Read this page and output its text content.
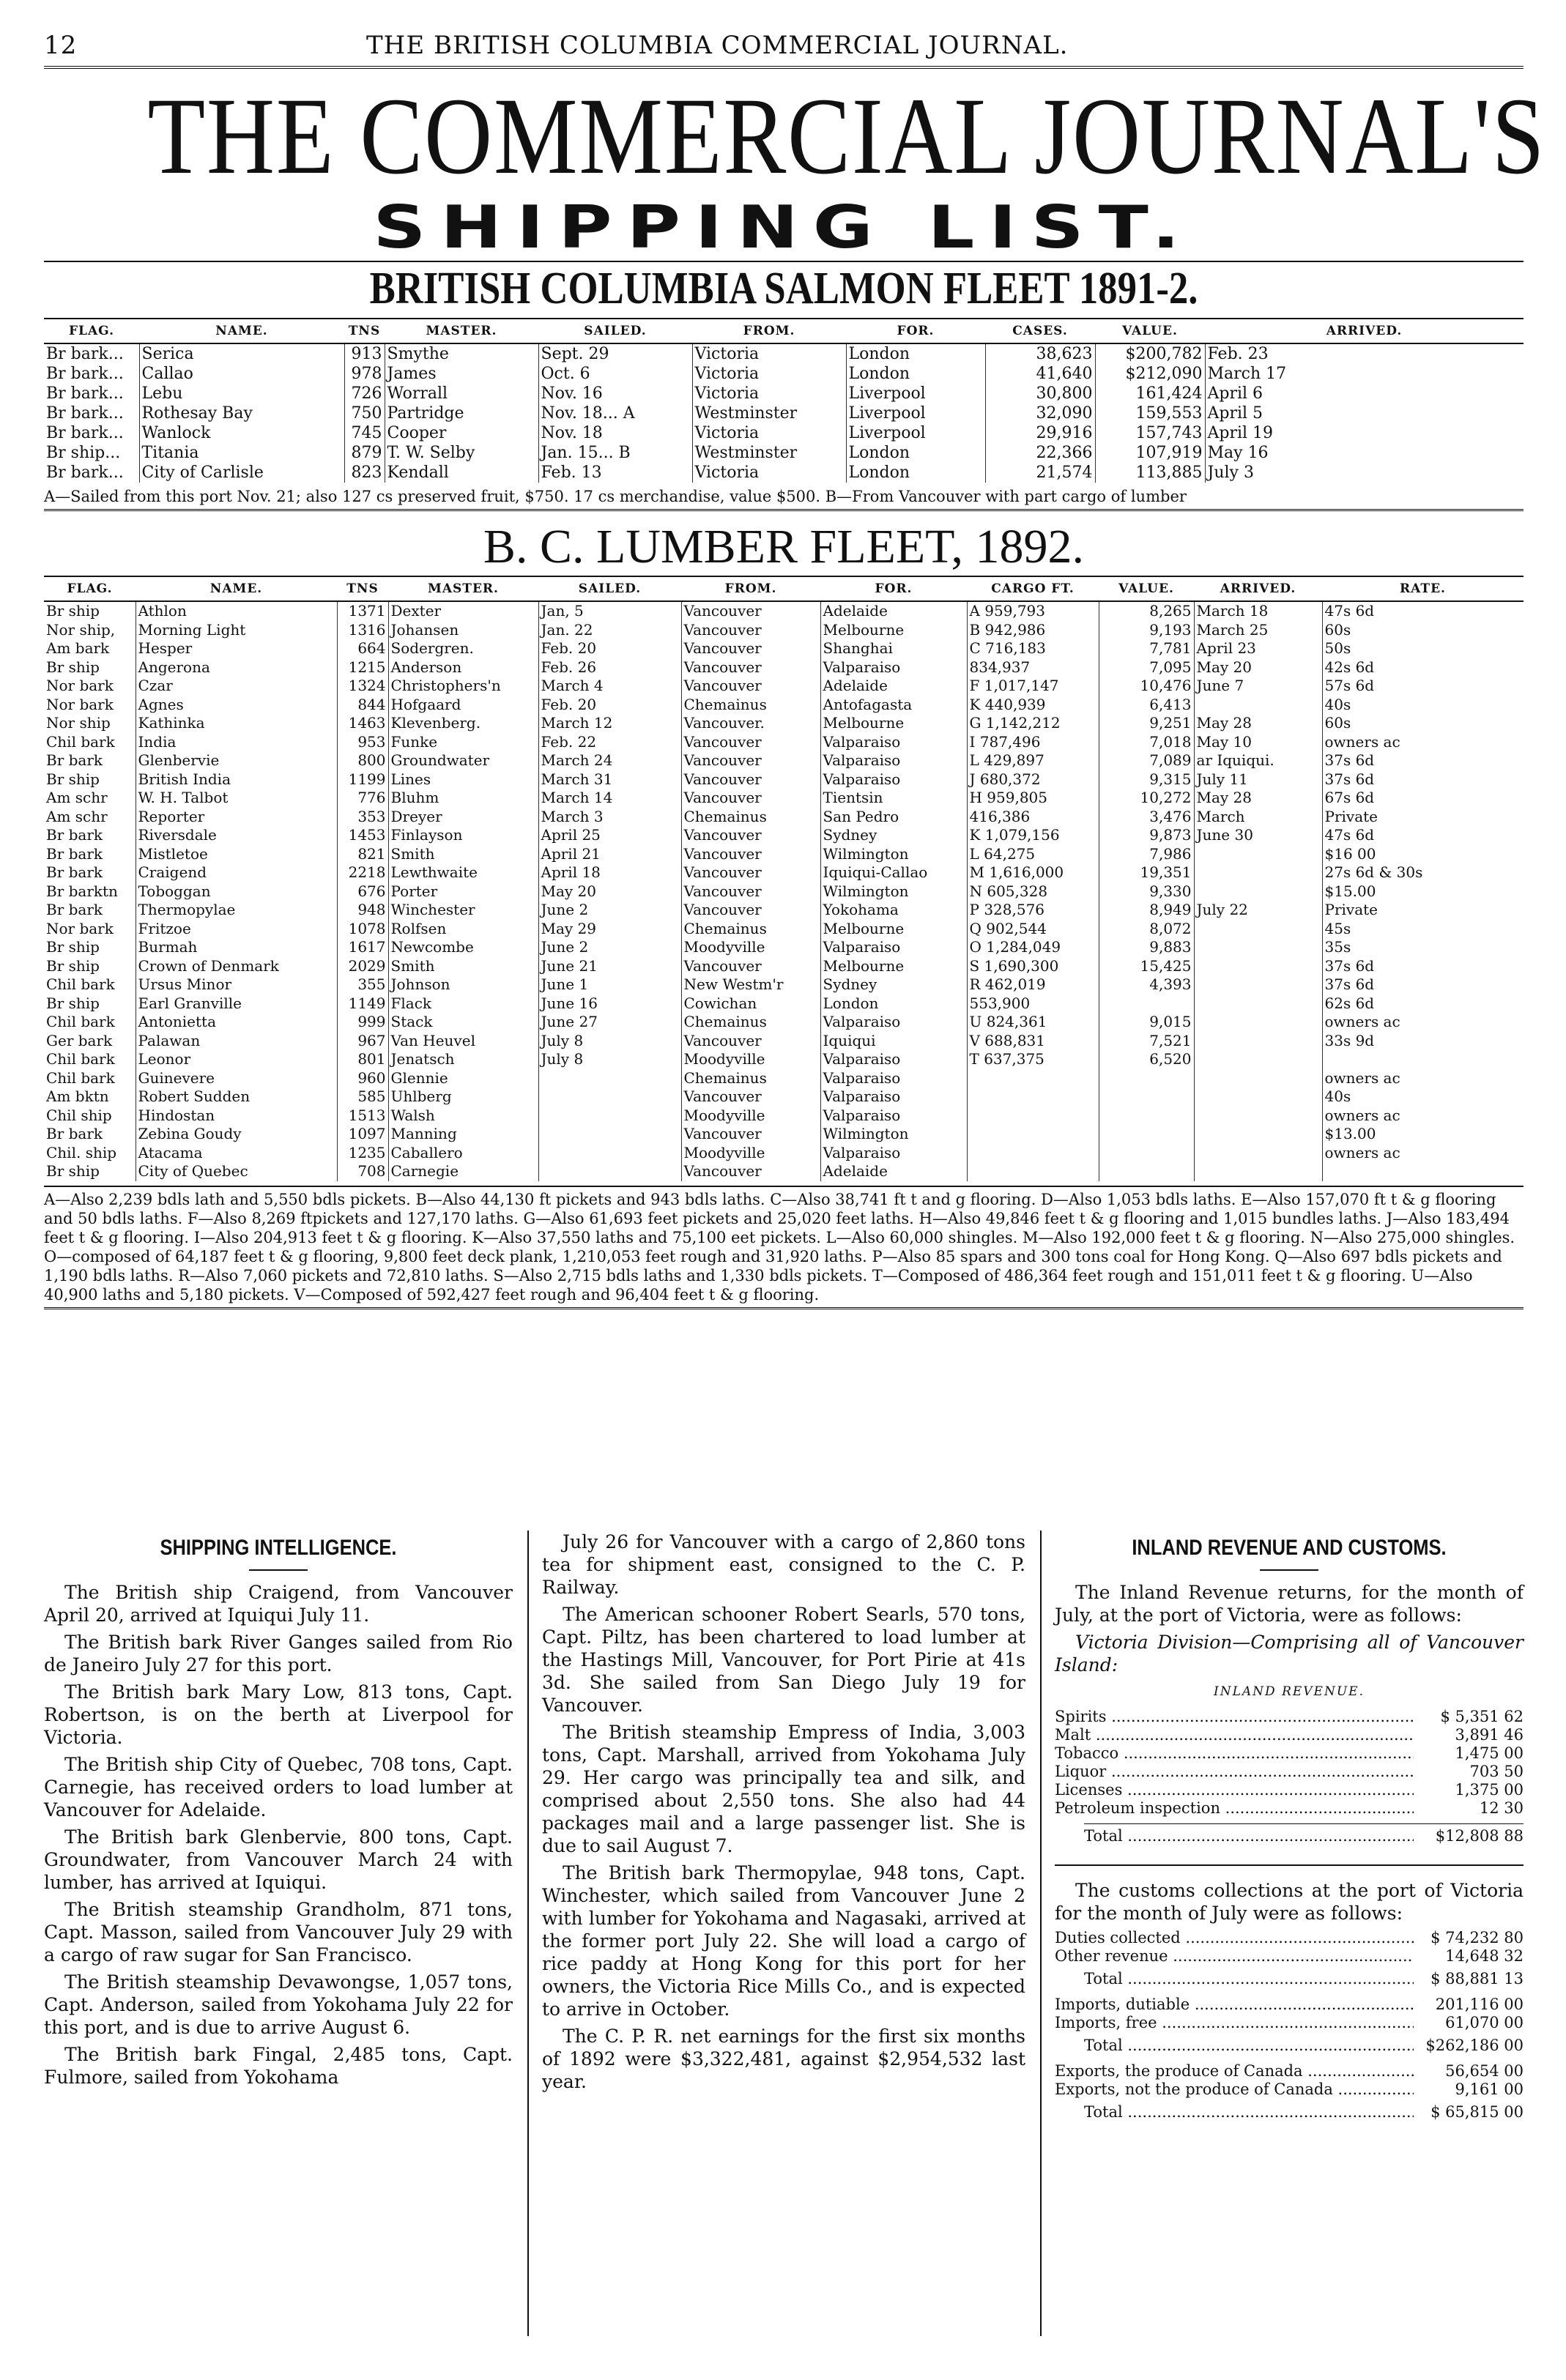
12	THE BRITISH COLUMBIA COMMERCIAL JOURNAL.
THE COMMERCIAL JOURNAL'S
SHIPPING LIST.
BRITISH COLUMBIA SALMON FLEET 1891-2.
FLAG.	NAME.	TNS	MASTER.	SAILED.	FROM.	FOR.	CASES.	VALUE.	ARRIVED.
Br bark...	Serica	913	Smythe	Sept. 29	Victoria	London	38,623	$200,782	Feb. 23
Br bark...	Callao	978	James	Oct. 6	Victoria	London	41,640	$212,090	March 17
Br bark...	Lebu	726	Worrall	Nov. 16	Victoria	Liverpool	30,800	161,424	April 6
Br bark...	Rothesay Bay	750	Partridge	Nov. 18... A	Westminster	Liverpool	32,090	159,553	April 5
Br bark...	Wanlock	745	Cooper	Nov. 18	Victoria	Liverpool	29,916	157,743	April 19
Br ship...	Titania	879	T. W. Selby	Jan. 15... B	Westminster	London	22,366	107,919	May 16
Br bark...	City of Carlisle	823	Kendall	Feb. 13	Victoria	London	21,574	113,885	July 3
A—Sailed from this port Nov. 21; also 127 cs preserved fruit, $750. 17 cs merchandise, value $500. B—From Vancouver with part cargo of lumber
B. C. LUMBER FLEET, 1892.
FLAG.	NAME.	TNS	MASTER.	SAILED.	FROM.	FOR.	CARGO FT.	VALUE.	ARRIVED.	RATE.
Br ship	Athlon	1371	Dexter	Jan, 5	Vancouver	Adelaide	A 959,793	8,265	March 18	47s 6d
Nor ship,	Morning Light	1316	Johansen	Jan. 22	Vancouver	Melbourne	B 942,986	9,193	March 25	60s
Am bark	Hesper	664	Sodergren.	Feb. 20	Vancouver	Shanghai	C 716,183	7,781	April 23	50s
Br ship	Angerona	1215	Anderson	Feb. 26	Vancouver	Valparaiso	834,937	7,095	May 20	42s 6d
Nor bark	Czar	1324	Christophers'n	March 4	Vancouver	Adelaide	F 1,017,147	10,476	June 7	57s 6d
Nor bark	Agnes	844	Hofgaard	Feb. 20	Chemainus	Antofagasta	K 440,939	6,413		40s
Nor ship	Kathinka	1463	Klevenberg.	March 12	Vancouver.	Melbourne	G 1,142,212	9,251	May 28	60s
Chil bark	India	953	Funke	Feb. 22	Vancouver	Valparaiso	I 787,496	7,018	May 10	owners ac
Br bark	Glenbervie	800	Groundwater	March 24	Vancouver	Valparaiso	L 429,897	7,089	ar Iquiqui.	37s 6d
Br ship	British India	1199	Lines	March 31	Vancouver	Valparaiso	J 680,372	9,315	July 11	37s 6d
Am schr	W. H. Talbot	776	Bluhm	March 14	Vancouver	Tientsin	H 959,805	10,272	May 28	67s 6d
Am schr	Reporter	353	Dreyer	March 3	Chemainus	San Pedro	416,386	3,476	March	Private
Br bark	Riversdale	1453	Finlayson	April 25	Vancouver	Sydney	K 1,079,156	9,873	June 30	47s 6d
Br bark	Mistletoe	821	Smith	April 21	Vancouver	Wilmington	L 64,275	7,986		$16 00
Br bark	Craigend	2218	Lewthwaite	April 18	Vancouver	Iquiqui-Callao	M 1,616,000	19,351		27s 6d & 30s
Br barktn	Toboggan	676	Porter	May 20	Vancouver	Wilmington	N 605,328	9,330		$15.00
Br bark	Thermopylae	948	Winchester	June 2	Vancouver	Yokohama	P 328,576	8,949	July 22	Private
Nor bark	Fritzoe	1078	Rolfsen	May 29	Chemainus	Melbourne	Q 902,544	8,072		45s
Br ship	Burmah	1617	Newcombe	June 2	Moodyville	Valparaiso	O 1,284,049	9,883		35s
Br ship	Crown of Denmark	2029	Smith	June 21	Vancouver	Melbourne	S 1,690,300	15,425		37s 6d
Chil bark	Ursus Minor	355	Johnson	June 1	New Westm'r	Sydney	R 462,019	4,393		37s 6d
Br ship	Earl Granville	1149	Flack	June 16	Cowichan	London	553,900			62s 6d
Chil bark	Antonietta	999	Stack	June 27	Chemainus	Valparaiso	U 824,361	9,015		owners ac
Ger bark	Palawan	967	Van Heuvel	July 8	Vancouver	Iquiqui	V 688,831	7,521		33s 9d
Chil bark	Leonor	801	Jenatsch	July 8	Moodyville	Valparaiso	T 637,375	6,520		
Chil bark	Guinevere	960	Glennie		Chemainus	Valparaiso				owners ac
Am bktn	Robert Sudden	585	Uhlberg		Vancouver	Valparaiso				40s
Chil ship	Hindostan	1513	Walsh		Moodyville	Valparaiso				owners ac
Br bark	Zebina Goudy	1097	Manning		Vancouver	Wilmington				$13.00
Chil. ship	Atacama	1235	Caballero		Moodyville	Valparaiso				owners ac
Br ship	City of Quebec	708	Carnegie		Vancouver	Adelaide				
A—Also 2,239 bdls lath and 5,550 bdls pickets. B—Also 44,130 ft pickets and 943 bdls laths. C—Also 38,741 ft t and g flooring. D—Also 1,053 bdls laths. E—Also 157,070 ft t & g flooring and 50 bdls laths. F—Also 8,269 ftpickets and 127,170 laths. G—Also 61,693 feet pickets and 25,020 feet laths. H—Also 49,846 feet t & g flooring and 1,015 bundles laths. J—Also 183,494 feet t & g flooring. I—Also 204,913 feet t & g flooring. K—Also 37,550 laths and 75,100 eet pickets. L—Also 60,000 shingles. M—Also 192,000 feet t & g flooring. N—Also 275,000 shingles. O—composed of 64,187 feet t & g flooring, 9,800 feet deck plank, 1,210,053 feet rough and 31,920 laths. P—Also 85 spars and 300 tons coal for Hong Kong. Q—Also 697 bdls pickets and 1,190 bdls laths. R—Also 7,060 pickets and 72,810 laths. S—Also 2,715 bdls laths and 1,330 bdls pickets. T—Composed of 486,364 feet rough and 151,011 feet t & g flooring. U—Also 40,900 laths and 5,180 pickets. V—Composed of 592,427 feet rough and 96,404 feet t & g flooring.
SHIPPING INTELLIGENCE.

The British ship Craigend, from Vancouver April 20, arrived at Iquiqui July 11.

The British bark River Ganges sailed from Rio de Janeiro July 27 for this port.

The British bark Mary Low, 813 tons, Capt. Robertson, is on the berth at Liverpool for Victoria.

The British ship City of Quebec, 708 tons, Capt. Carnegie, has received orders to load lumber at Vancouver for Adelaide.

The British bark Glenbervie, 800 tons, Capt. Groundwater, from Vancouver March 24 with lumber, has arrived at Iquiqui.

The British steamship Grandholm, 871 tons, Capt. Masson, sailed from Vancouver July 29 with a cargo of raw sugar for San Francisco.

The British steamship Devawongse, 1,057 tons, Capt. Anderson, sailed from Yokohama July 22 for this port, and is due to arrive August 6.

The British bark Fingal, 2,485 tons, Capt. Fulmore, sailed from Yokohama

July 26 for Vancouver with a cargo of 2,860 tons tea for shipment east, consigned to the C. P. Railway.

The American schooner Robert Searls, 570 tons, Capt. Piltz, has been chartered to load lumber at the Hastings Mill, Vancouver, for Port Pirie at 41s 3d. She sailed from San Diego July 19 for Vancouver.

The British steamship Empress of India, 3,003 tons, Capt. Marshall, arrived from Yokohama July 29. Her cargo was principally tea and silk, and comprised about 2,550 tons. She also had 44 packages mail and a large passenger list. She is due to sail August 7.

The British bark Thermopylae, 948 tons, Capt. Winchester, which sailed from Vancouver June 2 with lumber for Yokohama and Nagasaki, arrived at the former port July 22. She will load a cargo of rice paddy at Hong Kong for this port for her owners, the Victoria Rice Mills Co., and is expected to arrive in October.

The C. P. R. net earnings for the first six months of 1892 were $3,322,481, against $2,954,532 last year.

INLAND REVENUE AND CUSTOMS.

The Inland Revenue returns, for the month of July, at the port of Victoria, were as follows:

Victoria Division—Comprising all of Vancouver Island:

INLAND REVENUE.
Spirits .....	$ 5,351 62
Malt .....	3,891 46
Tobacco .....	1,475 00
Liquor .....	703 50
Licenses .....	1,375 00
Petroleum inspection .....	12 30
Total .....	$12,808 88

The customs collections at the port of Victoria for the month of July were as follows:

Duties collected .....	$ 74,232 80
Other revenue .....	14,648 32
Total .....	$ 88,881 13
Imports, dutiable .....	201,116 00
Imports, free .....	61,070 00
Total .....	$262,186 00
Exports, the produce of Canada .....	56,654 00
Exports, not the produce of Canada .....	9,161 00
Total .....	$ 65,815 00
